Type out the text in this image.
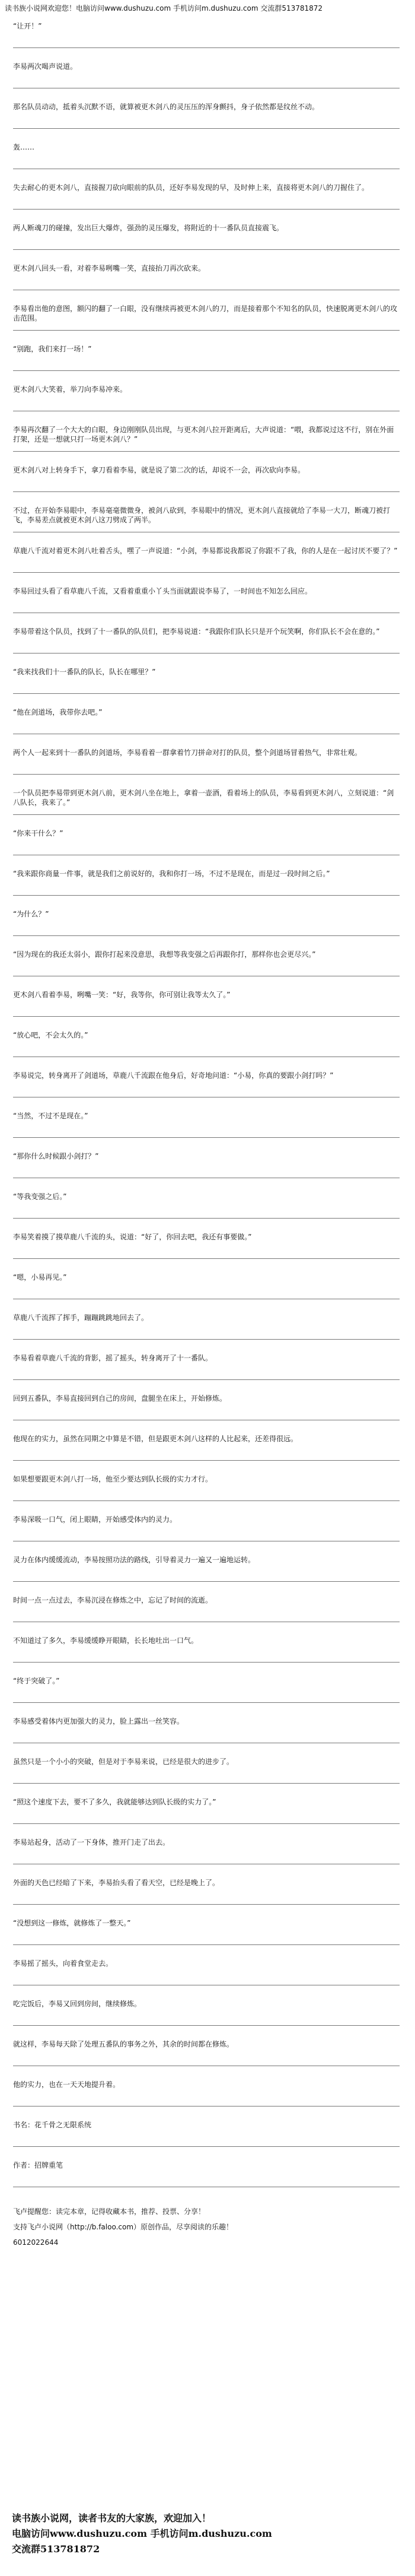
读书族小说网欢迎您！电脑访问www.dushuzu.com 手机访问m.dushuzu.com 交流群513781872
“让开！”
李易两次喝声说道。
那名队员动动，抵着头沉默不语，就算被更木剑八的灵压压的浑身颤抖，身子依然都是纹丝不动。
轰……
失去耐心的更木剑八，直接握刀砍向眼前的队员，还好李易发现的早，及时伸上来，直接将更木剑八的刀握住了。
两人断魂刀的碰撞，发出巨大爆炸，强劲的灵压爆发，将附近的十一番队员直接震飞。
更木剑八回头一看，对着李易咧嘴一笑，直接抬刀再次砍来。
李易看出他的意图，额闪的翻了一白眼，没有继续再被更木剑八的刀，而是接着那个不知名的队员，快速脱离更木剑八的攻击范围。
“别跑，我们来打一场！”
更木剑八大笑着，举刀向李易冲来。
李易再次翻了一个大大的白眼，身边刚刚队员出现，与更木剑八拉开距离后，大声说道：“喂，我都说过这不行，别在外面打架，还是一想就只打一场更木剑八？”
更木剑八对上转身手下，拿刀看着李易，就是说了第二次的话，却说不一会，再次砍向李易。
不过，在开始李易眼中，李易毫毫微微身，被剑八砍到，李易眼中的情况，更木剑八直接就给了李易一大刀，断魂刀被打飞，李易差点就被更木剑八这刀劈成了两半。
草鹿八千流对着更木剑八吐着舌头，嘿了一声说道：“小剑，李易都说我都说了你跟不了我，你的人是在一起讨厌不要了？”
李易回过头看了看草鹿八千流，又看着重重小丫头当面就跟说李易了，一时间也不知怎么回应。
李易带着这个队员，找到了十一番队的队员们，把李易说道：“我跟你们队长只是开个玩笑啊，你们队长不会在意的。”
“我来找我们十一番队的队长，队长在哪里？”
“他在剑道场，我带你去吧。”
两个人一起来到十一番队的剑道场，李易看着一群拿着竹刀拼命对打的队员，整个剑道场冒着热气，非常壮观。
一个队员把李易带到更木剑八前，更木剑八坐在地上，拿着一壶酒，看着场上的队员，李易看到更木剑八，立刻说道：“剑八队长，我来了。”
“你来干什么？”
“我来跟你商量一件事，就是我们之前说好的，我和你打一场，不过不是现在，而是过一段时间之后。”
“为什么？”
“因为现在的我还太弱小，跟你打起来没意思，我想等我变强之后再跟你打，那样你也会更尽兴。”
更木剑八看着李易，咧嘴一笑：“好，我等你，你可别让我等太久了。”
“放心吧，不会太久的。”
李易说完，转身离开了剑道场，草鹿八千流跟在他身后，好奇地问道：“小易，你真的要跟小剑打吗？”
“当然，不过不是现在。”
“那你什么时候跟小剑打？”
“等我变强之后。”
李易笑着摸了摸草鹿八千流的头，说道：“好了，你回去吧，我还有事要做。”
“嗯，小易再见。”
草鹿八千流挥了挥手，蹦蹦跳跳地回去了。
李易看着草鹿八千流的背影，摇了摇头，转身离开了十一番队。
回到五番队，李易直接回到自己的房间，盘腿坐在床上，开始修炼。
他现在的实力，虽然在同期之中算是不错，但是跟更木剑八这样的人比起来，还差得很远。
如果想要跟更木剑八打一场，他至少要达到队长级的实力才行。
李易深吸一口气，闭上眼睛，开始感受体内的灵力。
灵力在体内缓缓流动，李易按照功法的路线，引导着灵力一遍又一遍地运转。
时间一点一点过去，李易沉浸在修炼之中，忘记了时间的流逝。
不知道过了多久，李易缓缓睁开眼睛，长长地吐出一口气。
“终于突破了。”
李易感受着体内更加强大的灵力，脸上露出一丝笑容。
虽然只是一个小小的突破，但是对于李易来说，已经是很大的进步了。
“照这个速度下去，要不了多久，我就能够达到队长级的实力了。”
李易站起身，活动了一下身体，推开门走了出去。
外面的天色已经暗了下来，李易抬头看了看天空，已经是晚上了。
“没想到这一修炼，就修炼了一整天。”
李易摇了摇头，向着食堂走去。
吃完饭后，李易又回到房间，继续修炼。
就这样，李易每天除了处理五番队的事务之外，其余的时间都在修炼。
他的实力，也在一天天地提升着。
书名：花千骨之无限系统
作者：招牌重笔
飞卢提醒您：读完本章，记得收藏本书，推荐、投票、分享！
支持飞卢小说网（http://b.faloo.com）原创作品，尽享阅读的乐趣！
6012022644
读书族小说网，读者书友的大家族，欢迎加入！
电脑访问www.dushuzu.com 手机访问m.dushuzu.com
交流群513781872
